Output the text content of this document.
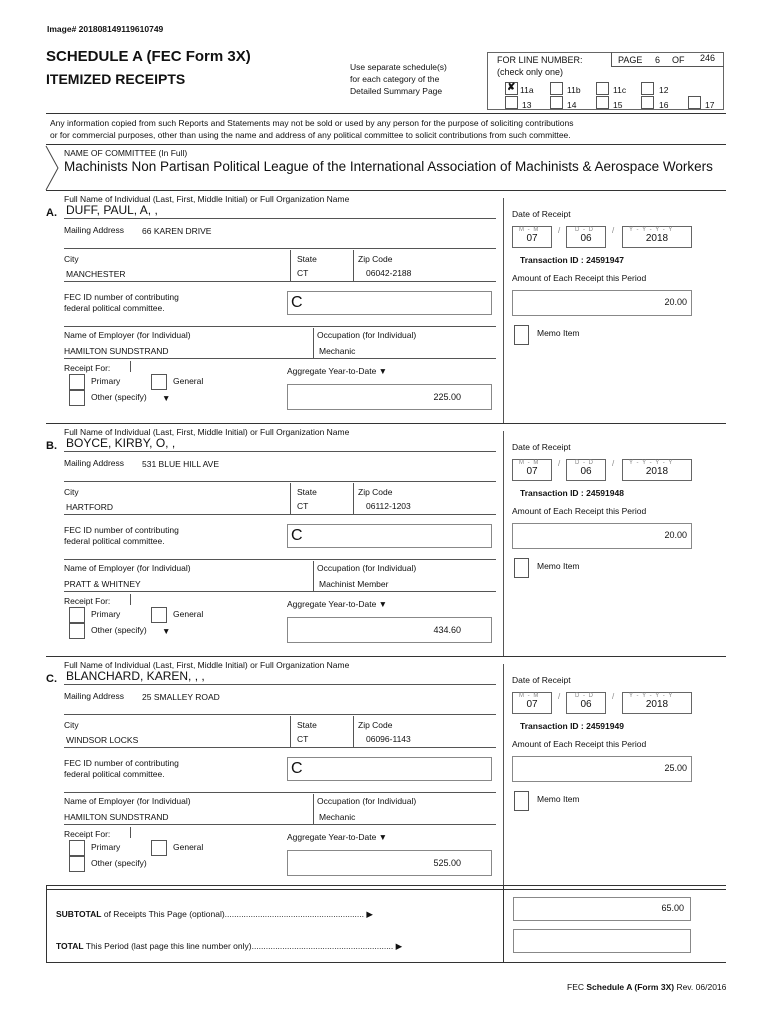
Image# 201808149119610749
SCHEDULE A (FEC Form 3X)
ITEMIZED RECEIPTS
Use separate schedule(s)
for each category of the
Detailed Summary Page
FOR LINE NUMBER:
(check only one)
PAGE 6 OF 246
✘ 11a	11b	11c	12
13	14	15	16	17
Any information copied from such Reports and Statements may not be sold or used by any person for the purpose of soliciting contributions
or for commercial purposes, other than using the name and address of any political committee to solicit contributions from such committee.
NAME OF COMMITTEE (In Full)
Machinists Non Partisan Political League of the International Association of Machinists & Aerospace Workers
Full Name of Individual (Last, First, Middle Initial) or Full Organization Name
A. DUFF, PAUL, A, ,
Mailing Address 66 KAREN DRIVE
City
MANCHESTER
State
CT
Zip Code
06042-2188
FEC ID number of contributing
federal political committee.	C
Name of Employer (for Individual)
HAMILTON SUNDSTRAND
Occupation (for Individual)
Mechanic
Receipt For:
Primary	General
Other (specify) ▼
Aggregate Year-to-Date ▼
225.00
Date of Receipt
M - M
07
/ D - D
06
/ Y - Y - Y - Y
2018
Transaction ID : 24591947
Amount of Each Receipt this Period
20.00
Memo Item
Full Name of Individual (Last, First, Middle Initial) or Full Organization Name
B. BOYCE, KIRBY, O, ,
Mailing Address 531 BLUE HILL AVE
City
HARTFORD
State
CT
Zip Code
06112-1203
FEC ID number of contributing
federal political committee.	C
Name of Employer (for Individual)
PRATT & WHITNEY
Occupation (for Individual)
Machinist Member
Receipt For:
Primary	General
Other (specify) ▼
Aggregate Year-to-Date ▼
434.60
Date of Receipt
M - M
07
/ D - D
06
/ Y - Y - Y - Y
2018
Transaction ID : 24591948
Amount of Each Receipt this Period
20.00
Memo Item
Full Name of Individual (Last, First, Middle Initial) or Full Organization Name
C. BLANCHARD, KAREN, , ,
Mailing Address 25 SMALLEY ROAD
City
WINDSOR LOCKS
State
CT
Zip Code
06096-1143
FEC ID number of contributing
federal political committee.	C
Name of Employer (for Individual)
HAMILTON SUNDSTRAND
Occupation (for Individual)
Mechanic
Receipt For:
Primary	General
Other (specify)
Aggregate Year-to-Date ▼
525.00
Date of Receipt
M - M
07
/ D - D
06
/ Y - Y - Y - Y
2018
Transaction ID : 24591949
Amount of Each Receipt this Period
25.00
Memo Item
SUBTOTAL of Receipts This Page (optional)........................................................... ▶
65.00
TOTAL This Period (last page this line number only)............................................................ ▶
FEC Schedule A (Form 3X) Rev. 06/2016
